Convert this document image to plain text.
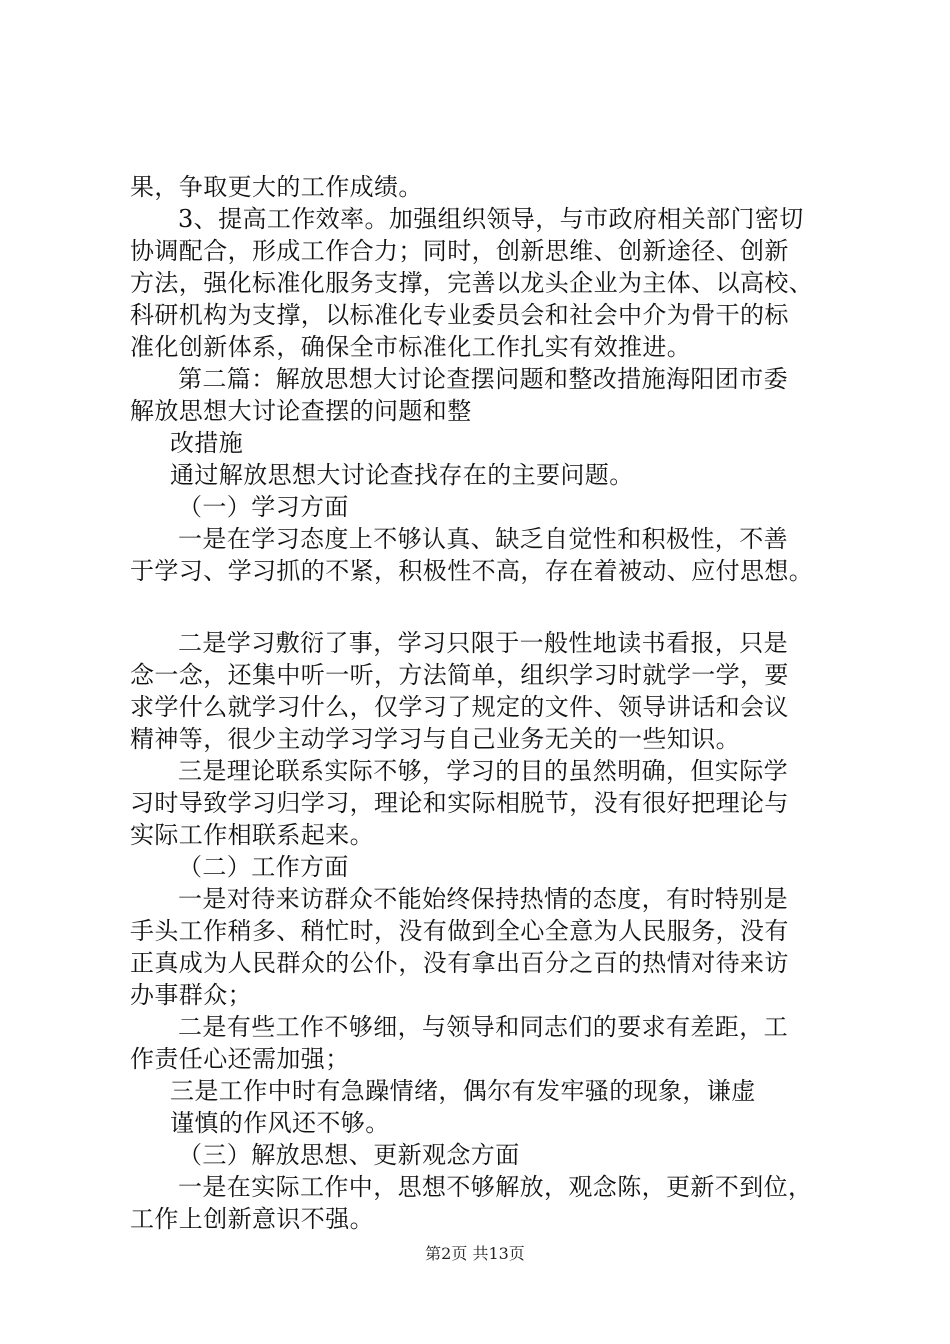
果，争取更大的工作成绩。
3、提高工作效率。加强组织领导，与市政府相关部门密切
协调配合，形成工作合力；同时，创新思维、创新途径、创新
方法，强化标准化服务支撑，完善以龙头企业为主体、以高校、
科研机构为支撑，以标准化专业委员会和社会中介为骨干的标
准化创新体系，确保全市标准化工作扎实有效推进。
第二篇：解放思想大讨论查摆问题和整改措施海阳团市委
解放思想大讨论查摆的问题和整
改措施
通过解放思想大讨论查找存在的主要问题。
（一）学习方面
一是在学习态度上不够认真、缺乏自觉性和积极性，不善
于学习、学习抓的不紧，积极性不高，存在着被动、应付思想。
二是学习敷衍了事，学习只限于一般性地读书看报，只是
念一念，还集中听一听，方法简单，组织学习时就学一学，要
求学什么就学习什么，仅学习了规定的文件、领导讲话和会议
精神等，很少主动学习学习与自己业务无关的一些知识。
三是理论联系实际不够，学习的目的虽然明确，但实际学
习时导致学习归学习，理论和实际相脱节，没有很好把理论与
实际工作相联系起来。
（二）工作方面
一是对待来访群众不能始终保持热情的态度，有时特别是
手头工作稍多、稍忙时，没有做到全心全意为人民服务，没有
正真成为人民群众的公仆，没有拿出百分之百的热情对待来访
办事群众；
二是有些工作不够细，与领导和同志们的要求有差距，工
作责任心还需加强；
三是工作中时有急躁情绪，偶尔有发牢骚的现象，谦虚
谨慎的作风还不够。
（三）解放思想、更新观念方面
一是在实际工作中，思想不够解放，观念陈，更新不到位，
工作上创新意识不强。
第2页 共13页
